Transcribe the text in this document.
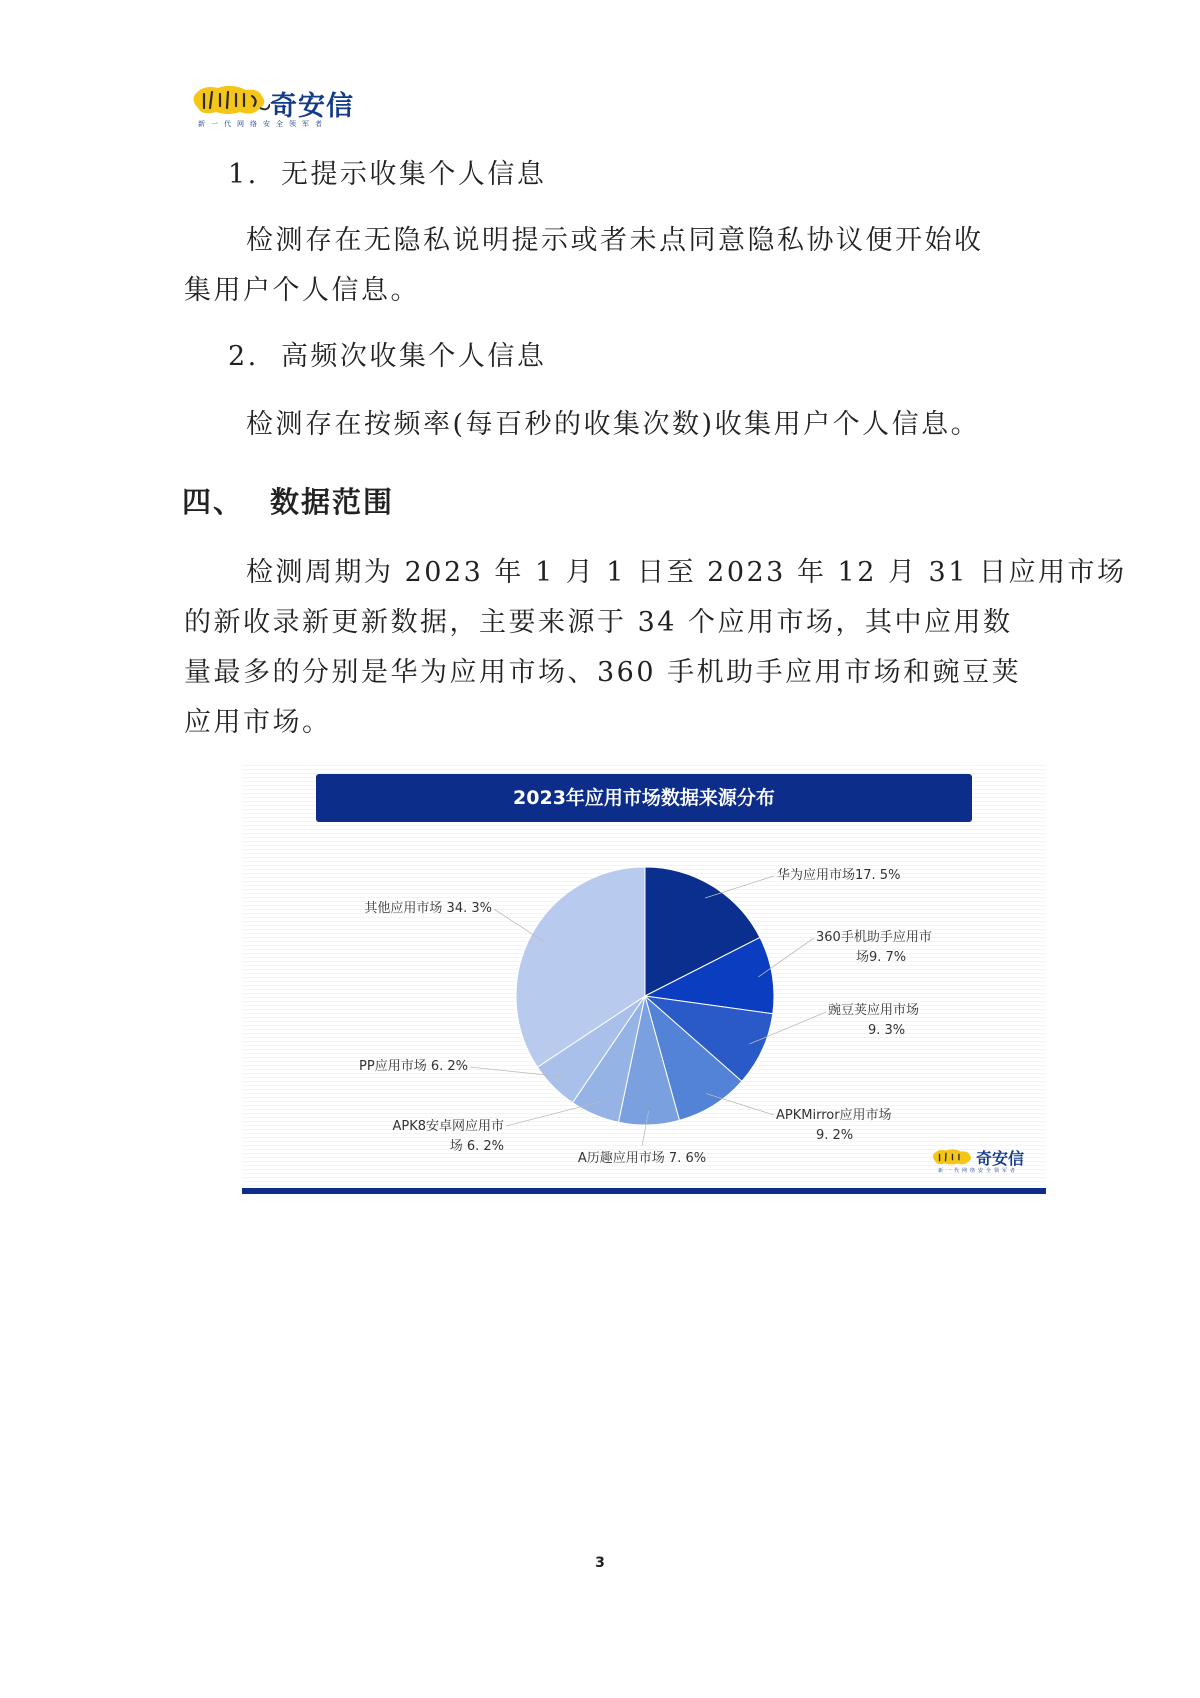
奇安信
新一代网络安全领军者
1. 无提示收集个人信息

检测存在无隐私说明提示或者未点同意隐私协议便开始收

集用户个人信息。

2. 高频次收集个人信息

检测存在按频率(每百秒的收集次数)收集用户个人信息。

四、 数据范围

检测周期为 2023 年 1 月 1 日至 2023 年 12 月 31 日应用市场

的新收录新更新数据，主要来源于 34 个应用市场，其中应用数

量最多的分别是华为应用市场、360 手机助手应用市场和豌豆荚

应用市场。

2023年应用市场数据来源分布
华为应用市场17. 5%
360手机助手应用市场9. 7%
豌豆荚应用市场 9. 3%
APKMirror应用市场 9. 2%
A历趣应用市场 7. 6%
APK8安卓网应用市场 6. 2%
PP应用市场 6. 2%
其他应用市场 34. 3%
奇安信
新一代网络安全领军者
3
